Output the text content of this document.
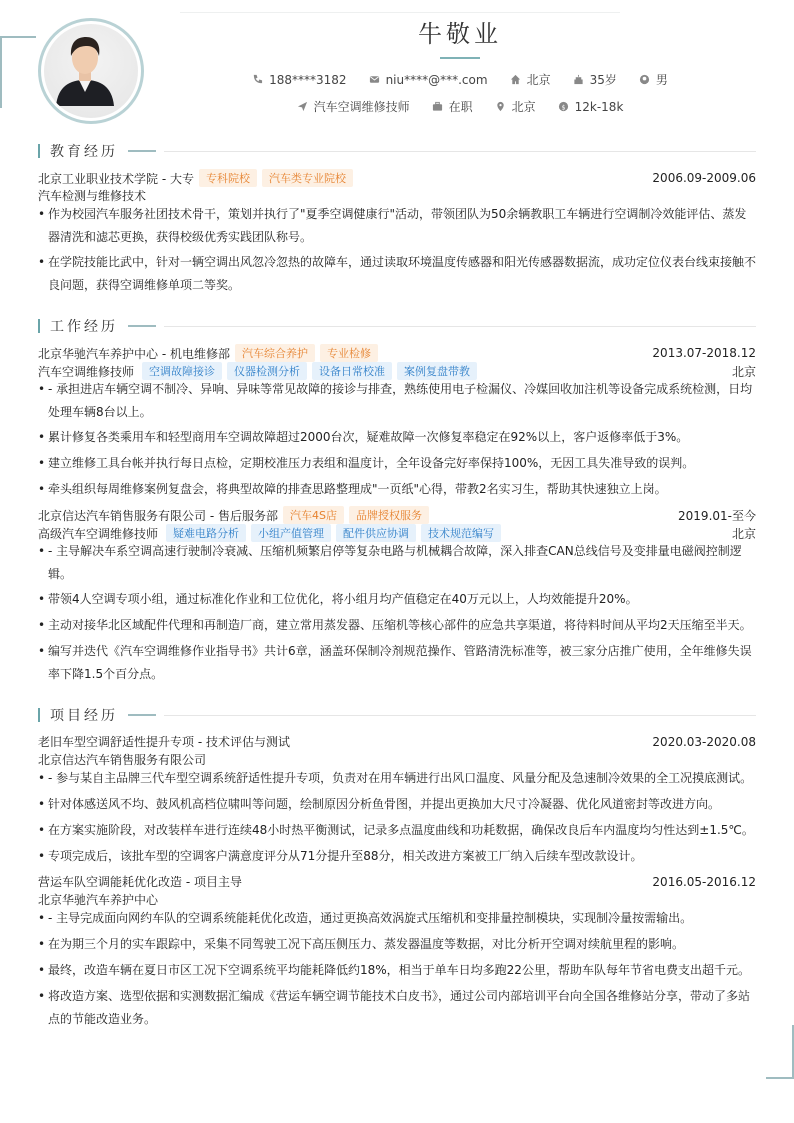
牛敬业
188****3182	niu****@***.com	北京	35岁	男
汽车空调维修技师	在职	北京	$ 12k-18k
教育经历
北京工业职业技术学院 - 大专	专科院校	汽车类专业院校	2006.09-2009.06
汽车检测与维修技术
• 作为校园汽车服务社团技术骨干，策划并执行了"夏季空调健康行"活动，带领团队为50余辆教职工车辆进行空调制冷效能评估、蒸发器清洗和滤芯更换，获得校级优秀实践团队称号。
• 在学院技能比武中，针对一辆空调出风忽冷忽热的故障车，通过读取环境温度传感器和阳光传感器数据流，成功定位仪表台线束接触不良问题，获得空调维修单项二等奖。
工作经历
北京华驰汽车养护中心 - 机电维修部	汽车综合养护	专业检修	2013.07-2018.12
汽车空调维修技师	空调故障接诊	仪器检测分析	设备日常校准	案例复盘带教	北京
• - 承担进店车辆空调不制冷、异响、异味等常见故障的接诊与排查，熟练使用电子检漏仪、冷媒回收加注机等设备完成系统检测，日均处理车辆8台以上。
• 累计修复各类乘用车和轻型商用车空调故障超过2000台次，疑难故障一次修复率稳定在92%以上，客户返修率低于3%。
• 建立维修工具台帐并执行每日点检，定期校准压力表组和温度计，全年设备完好率保持100%，无因工具失准导致的误判。
• 牵头组织每周维修案例复盘会，将典型故障的排查思路整理成"一页纸"心得，带教2名实习生，帮助其快速独立上岗。
北京信达汽车销售服务有限公司 - 售后服务部	汽车4S店	品牌授权服务	2019.01-至今
高级汽车空调维修技师	疑难电路分析	小组产值管理	配件供应协调	技术规范编写	北京
• - 主导解决车系空调高速行驶制冷衰减、压缩机频繁启停等复杂电路与机械耦合故障，深入排查CAN总线信号及变排量电磁阀控制逻辑。
• 带领4人空调专项小组，通过标准化作业和工位优化，将小组月均产值稳定在40万元以上，人均效能提升20%。
• 主动对接华北区域配件代理和再制造厂商，建立常用蒸发器、压缩机等核心部件的应急共享渠道，将待料时间从平均2天压缩至半天。
• 编写并迭代《汽车空调维修作业指导书》共计6章，涵盖环保制冷剂规范操作、管路清洗标准等，被三家分店推广使用，全年维修失误率下降1.5个百分点。
项目经历
老旧车型空调舒适性提升专项 - 技术评估与测试	2020.03-2020.08
北京信达汽车销售服务有限公司
• - 参与某自主品牌三代车型空调系统舒适性提升专项，负责对在用车辆进行出风口温度、风量分配及急速制冷效果的全工况摸底测试。
• 针对体感送风不均、鼓风机高档位啸叫等问题，绘制原因分析鱼骨图，并提出更换加大尺寸冷凝器、优化风道密封等改进方向。
• 在方案实施阶段，对改装样车进行连续48小时热平衡测试，记录多点温度曲线和功耗数据，确保改良后车内温度均匀性达到±1.5℃。
• 专项完成后，该批车型的空调客户满意度评分从71分提升至88分，相关改进方案被工厂纳入后续车型改款设计。
营运车队空调能耗优化改造 - 项目主导	2016.05-2016.12
北京华驰汽车养护中心
• - 主导完成面向网约车队的空调系统能耗优化改造，通过更换高效涡旋式压缩机和变排量控制模块，实现制冷量按需输出。
• 在为期三个月的实车跟踪中，采集不同驾驶工况下高压侧压力、蒸发器温度等数据，对比分析开空调对续航里程的影响。
• 最终，改造车辆在夏日市区工况下空调系统平均能耗降低约18%，相当于单车日均多跑22公里，帮助车队每年节省电费支出超千元。
• 将改造方案、选型依据和实测数据汇编成《营运车辆空调节能技术白皮书》，通过公司内部培训平台向全国各维修站分享，带动了多站点的节能改造业务。
